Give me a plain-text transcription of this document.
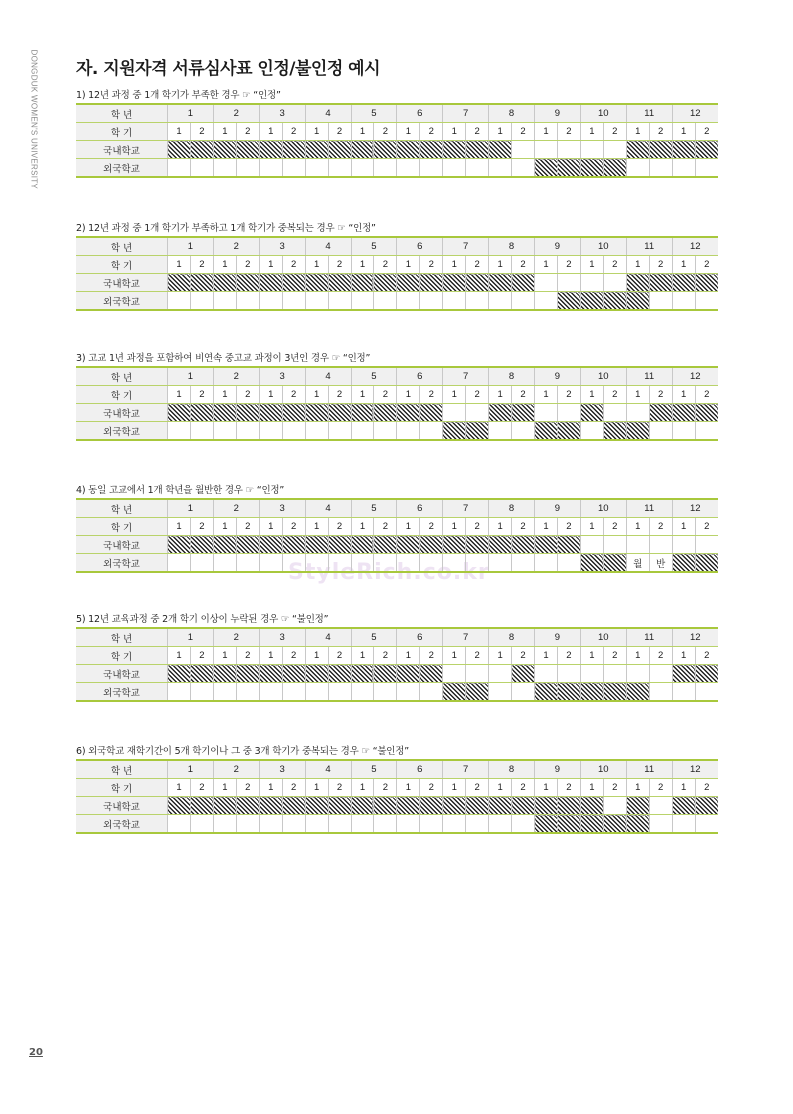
DONGDUK WOMEN'S UNIVERSITY 자. 지원자격 서류심사표 인정/불인정 예시
StyleRich.co.kr
1) 12년 과정 중 1개 학기가 부족한 경우 ☞ “인정”
학 년	1		2		3		4		5		6		7		8		9		10		11		12	
학 기	1	2	1	2	1	2	1	2	1	2	1	2	1	2	1	2	1	2	1	2	1	2	1	2
국내학교																								
외국학교																								
2) 12년 과정 중 1개 학기가 부족하고 1개 학기가 중복되는 경우 ☞ “인정”
학 년	1		2		3		4		5		6		7		8		9		10		11		12	
학 기	1	2	1	2	1	2	1	2	1	2	1	2	1	2	1	2	1	2	1	2	1	2	1	2
국내학교																								
외국학교																								
3) 고교 1년 과정을 포함하여 비연속 중고교 과정이 3년인 경우 ☞ “인정”
학 년	1		2		3		4		5		6		7		8		9		10		11		12	
학 기	1	2	1	2	1	2	1	2	1	2	1	2	1	2	1	2	1	2	1	2	1	2	1	2
국내학교																								
외국학교																								
4) 동일 고교에서 1개 학년을 월반한 경우 ☞ “인정”
학 년	1		2		3		4		5		6		7		8		9		10		11		12	
학 기	1	2	1	2	1	2	1	2	1	2	1	2	1	2	1	2	1	2	1	2	1	2	1	2
국내학교																								
외국학교																					월	반		
5) 12년 교육과정 중 2개 학기 이상이 누락된 경우 ☞ “불인정”
학 년	1		2		3		4		5		6		7		8		9		10		11		12	
학 기	1	2	1	2	1	2	1	2	1	2	1	2	1	2	1	2	1	2	1	2	1	2	1	2
국내학교																								
외국학교																								
6) 외국학교 재학기간이 5개 학기이나 그 중 3개 학기가 중복되는 경우 ☞ “불인정”
학 년	1		2		3		4		5		6		7		8		9		10		11		12	
학 기	1	2	1	2	1	2	1	2	1	2	1	2	1	2	1	2	1	2	1	2	1	2	1	2
국내학교																								
외국학교																								
20
